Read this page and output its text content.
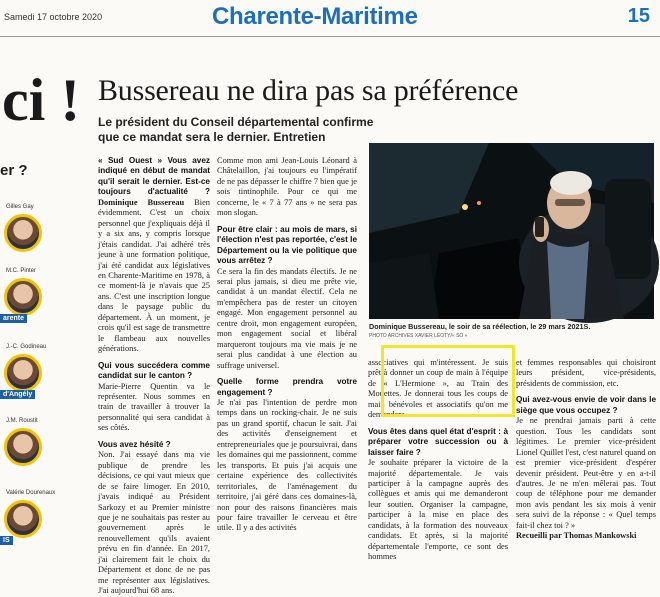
Samedi 17 octobre 2020	Charente-Maritime	15
ci !
er ?
Gilles Gay
M.C. Pinter
arente
J.-C. Godineau
d'Angély
J.M. Roustit
Valérie Dourenaux
IS
Bussereau ne dira pas sa préférence
Le président du Conseil départemental confirme que ce mandat sera le dernier. Entretien

« Sud Ouest » Vous avez indiqué en début de mandat qu'il serait le dernier. Est-ce toujours d'actualité ? Dominique Bussereau Bien évidemment. C'est un choix personnel que j'expliquais déjà il y a six ans, y compris lorsque j'étais candidat. J'ai adhéré très jeune à une formation politique, j'ai été candidat aux législatives en Charente-Maritime en 1978, à ce moment-là je n'avais que 25 ans. C'est une inscription longue dans le paysage public du département. À un moment, je crois qu'il est sage de transmettre le flambeau aux nouvelles générations.

Qui vous succédera comme candidat sur le canton ?

Marie-Pierre Quentin va le représenter. Nous sommes en train de travailler à trouver la personnalité qui sera candidat à ses côtés.

Vous avez hésité ?

Non. J'ai essayé dans ma vie publique de prendre les décisions, ce qui vaut mieux que de se faire limoger. En 2010, j'avais indiqué au Président Sarkozy et au Premier ministre que je ne souhaitais pas rester au gouvernement après le renouvellement qu'ils avaient prévu en fin d'année. En 2017, j'ai clairement fait le choix du Département et donc de ne pas me représenter aux législatives. J'ai aujourd'hui 68 ans.

Comme mon ami Jean-Louis Léonard à Châtelaillon, j'ai toujours eu l'impératif de ne pas dépasser le chiffre 7 bien que je sois tintinophile. Pour ce qui me concerne, le « 7 à 77 ans » ne sera pas mon slogan.

Pour être clair : au mois de mars, si l'élection n'est pas reportée, c'est le Département ou la vie politique que vous arrêtez ?

Ce sera la fin des mandats électifs. Je ne serai plus jamais, si dieu me prête vie, candidat à un mandat électif. Cela ne m'empêchera pas de rester un citoyen engagé. Mon engagement personnel au centre droit, mon engagement européen, mon engagement social et libéral marqueront toujours ma vie mais je ne serai plus candidat à une élection au suffrage universel.

Quelle forme prendra votre engagement ?

Je n'ai pas l'intention de perdre mon temps dans un rocking-chair. Je ne suis pas un grand sportif, chacun le sait. J'ai des activités d'enseignement et entrepreneuriales que je poursuivrai, dans les domaines qui me passionnent, comme les transports. Et puis j'ai acquis une certaine expérience des collectivités territoriales, de l'aménagement du territoire, j'ai géré dans ces domaines-là, non pour des raisons financières mais pour faire travailler le cerveau et être utile. Il y a des activités

Dominique Bussereau, le soir de sa réélection, le 29 mars 2021S.
PHOTO ARCHIVES XAVIER LÉOTY/« SO »

associatives qui m'intéressent. Je suis prêt à donner un coup de main à l'équipe de « L'Hermione », au Train des Mouettes. Je donnerai tous les coups de main bénévoles et associatifs qu'on me demandera.

Vous êtes dans quel état d'esprit : à préparer votre succession ou à laisser faire ?

Je souhaite préparer la victoire de la majorité départementale. Je vais participer à la campagne auprès des collègues et amis qui me demanderont leur soutien. Organiser la campagne, participer à la mise en place des candidats, à la formation des nouveaux candidats. Et après, si la majorité départementale l'emporte, ce sont des hommes

et femmes responsables qui choisiront leurs président, vice-présidents, présidents de commission, etc.

Qui avez-vous envie de voir dans le siège que vous occupez ?

Je ne prendrai jamais parti à cette question. Tous les candidats sont légitimes. Le premier vice-président Lionel Quillet l'est, c'est naturel quand on est premier vice-président d'espérer devenir président. Peut-être y en a-t-il d'autres. Je ne m'en mêlerai pas. Tout coup de téléphone pour me demander mon avis pendant les six mois à venir sera suivi de la réponse : « Quel temps fait-il chez toi ? »

Recueilli par Thomas Mankowski
